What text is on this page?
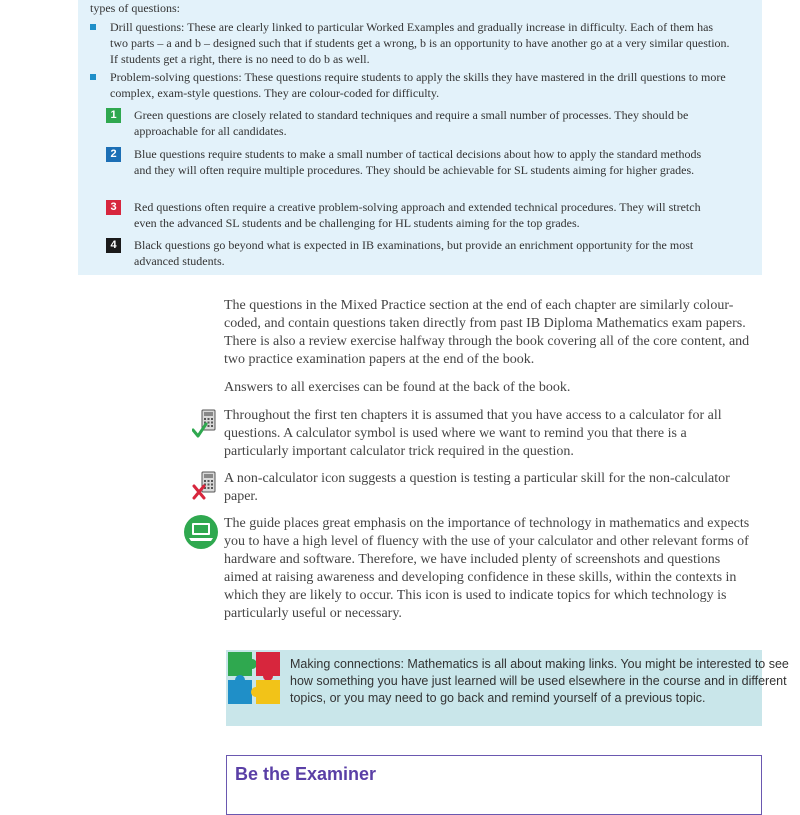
types of questions:
Drill questions: These are clearly linked to particular Worked Examples and gradually increase in difficulty. Each of them has two parts – a and b – designed such that if students get a wrong, b is an opportunity to have another go at a very similar question. If students get a right, there is no need to do b as well.
Problem-solving questions: These questions require students to apply the skills they have mastered in the drill questions to more complex, exam-style questions. They are colour-coded for difficulty.
1	Green questions are closely related to standard techniques and require a small number of processes. They should be approachable for all candidates.
2	Blue questions require students to make a small number of tactical decisions about how to apply the standard methods and they will often require multiple procedures. They should be achievable for SL students aiming for higher grades.
3	Red questions often require a creative problem-solving approach and extended technical procedures. They will stretch even the advanced SL students and be challenging for HL students aiming for the top grades.
4	Black questions go beyond what is expected in IB examinations, but provide an enrichment opportunity for the most advanced students.
The questions in the Mixed Practice section at the end of each chapter are similarly colour-coded, and contain questions taken directly from past IB Diploma Mathematics exam papers. There is also a review exercise halfway through the book covering all of the core content, and two practice examination papers at the end of the book.
Answers to all exercises can be found at the back of the book.
Throughout the first ten chapters it is assumed that you have access to a calculator for all questions. A calculator symbol is used where we want to remind you that there is a particularly important calculator trick required in the question.
A non-calculator icon suggests a question is testing a particular skill for the non-calculator paper.
The guide places great emphasis on the importance of technology in mathematics and expects you to have a high level of fluency with the use of your calculator and other relevant forms of hardware and software. Therefore, we have included plenty of screenshots and questions aimed at raising awareness and developing confidence in these skills, within the contexts in which they are likely to occur. This icon is used to indicate topics for which technology is particularly useful or necessary.
Making connections: Mathematics is all about making links. You might be interested to see how something you have just learned will be used elsewhere in the course and in different topics, or you may need to go back and remind yourself of a previous topic.
Be the Examiner
